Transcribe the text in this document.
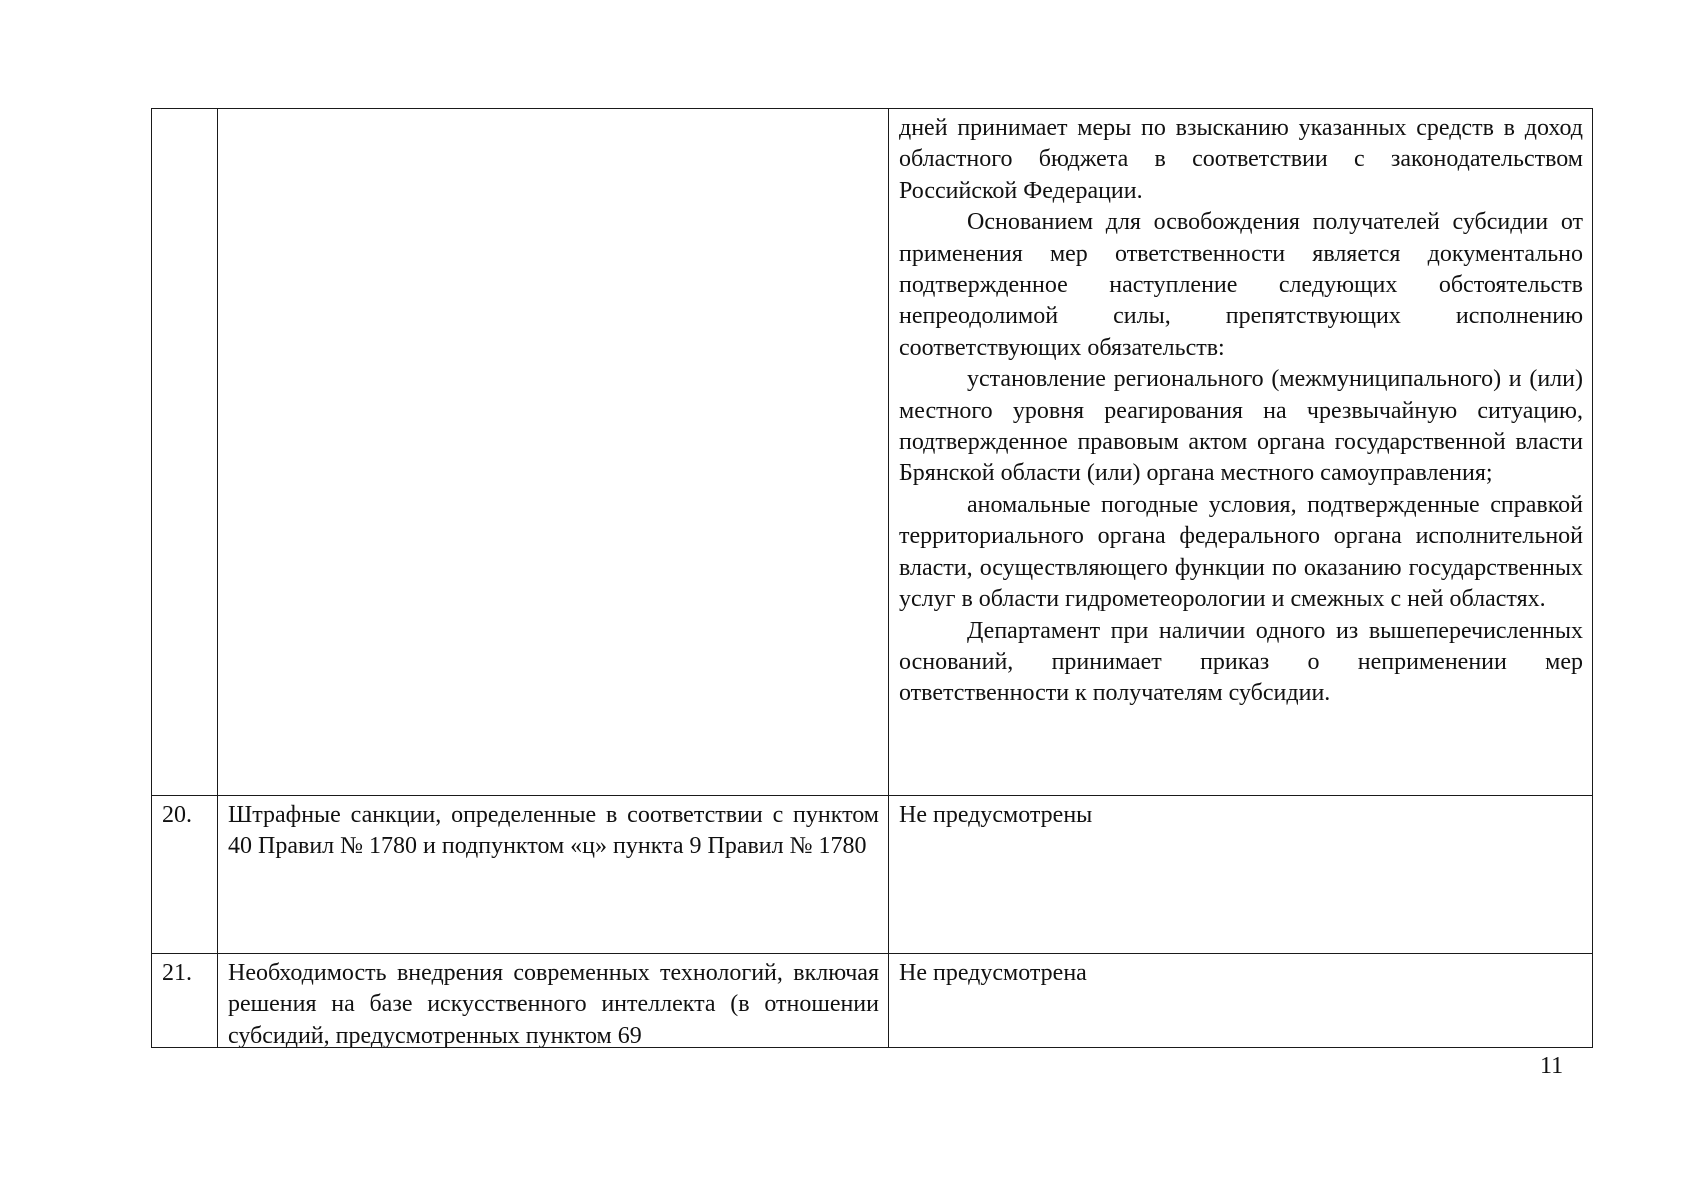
		дней принимает меры по взысканию указанных средств в доход областного бюджета в соответствии с законодательством Российской Федерации.

Основанием для освобождения получателей субсидии от применения мер ответственности является документально подтвержденное наступление следующих обстоятельств непреодолимой силы, препятствующих исполнению соответствующих обязательств:

установление регионального (межмуниципального) и (или) местного уровня реагирования на чрезвычайную ситуацию, подтвержденное правовым актом органа государственной власти Брянской области (или) органа местного самоуправления;

аномальные погодные условия, подтвержденные справкой территориального органа федерального органа исполнительной власти, осуществляющего функции по оказанию государственных услуг в области гидрометеорологии и смежных с ней областях.

Департамент при наличии одного из вышеперечисленных оснований, принимает приказ о неприменении мер ответственности к получателям субсидии.

20.	Штрафные санкции, определенные в соответствии с пунктом 40 Правил № 1780 и подпунктом «ц» пункта 9 Правил № 1780	Не предусмотрены

21.	Необходимость внедрения современных технологий, включая решения на базе искусственного интеллекта (в отношении субсидий, предусмотренных пунктом 69	Не предусмотрена

11
